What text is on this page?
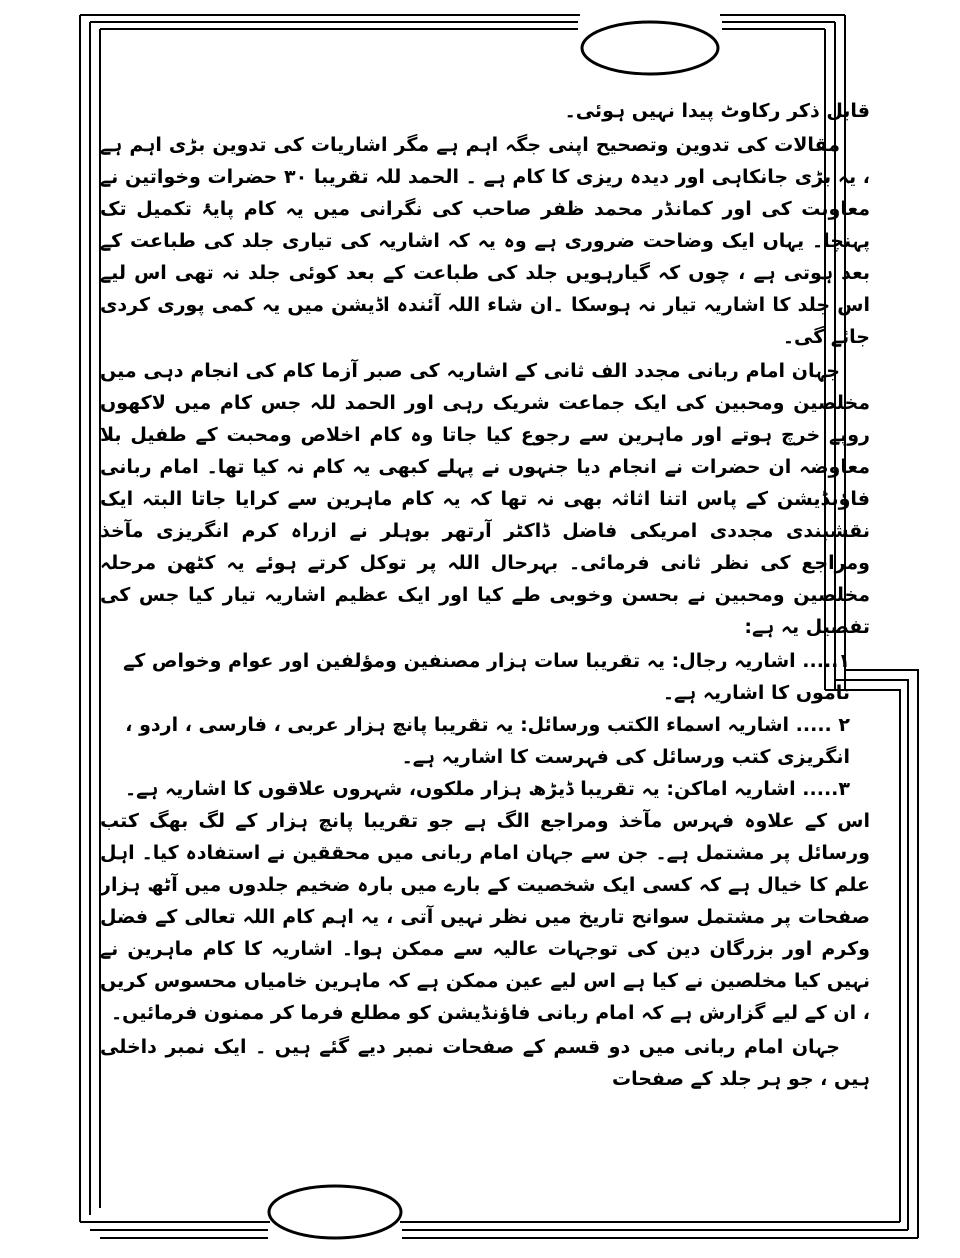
قابل ذکر رکاوٹ پیدا نہیں ہوئی۔

مقالات کی تدوین وتصحیح اپنی جگہ اہم ہے مگر اشاریات کی تدوین بڑی اہم ہے ، یہ بڑی جانکاہی اور دیدہ ریزی کا کام ہے ۔ الحمد للہ تقریبا ۳۰ حضرات وخواتین نے معاونت کی اور کمانڈر محمد ظفر صاحب کی نگرانی میں یہ کام پایۂ تکمیل تک پہنچا۔ یہاں ایک وضاحت ضروری ہے وہ یہ کہ اشاریہ کی تیاری جلد کی طباعت کے بعد ہوتی ہے ، چوں کہ گیارہویں جلد کی طباعت کے بعد کوئی جلد نہ تھی اس لیے اس جلد کا اشاریہ تیار نہ ہوسکا ۔ان شاء اللہ آئندہ اڈیشن میں یہ کمی پوری کردی جائے گی۔

جہان امام ربانی مجدد الف ثانی کے اشاریہ کی صبر آزما کام کی انجام دہی میں مخلصین ومحبین کی ایک جماعت شریک رہی اور الحمد للہ جس کام میں لاکھوں روپے خرچ ہوتے اور ماہرین سے رجوع کیا جاتا وہ کام اخلاص ومحبت کے طفیل بلا معاوضہ ان حضرات نے انجام دیا جنہوں نے پہلے کبھی یہ کام نہ کیا تھا۔ امام ربانی فاؤنڈیشن کے پاس اتنا اثاثہ بھی نہ تھا کہ یہ کام ماہرین سے کرایا جاتا البتہ ایک نقشبندی مجددی امریکی فاضل ڈاکٹر آرتھر بوہلر نے ازراہ کرم انگریزی مآخذ ومراجع کی نظر ثانی فرمائی۔ بہرحال اللہ پر توکل کرتے ہوئے یہ کٹھن مرحلہ مخلصین ومحبین نے بحسن وخوبی طے کیا اور ایک عظیم اشاریہ تیار کیا جس کی تفصیل یہ ہے:

۱..... اشاریہ رجال: یہ تقریبا سات ہزار مصنفین ومؤلفین اور عوام وخواص کے ناموں کا اشاریہ ہے۔

۲ ..... اشاریہ اسماء الکتب ورسائل: یہ تقریبا پانچ ہزار عربی ، فارسی ، اردو ، انگریزی کتب ورسائل کی فہرست کا اشاریہ ہے۔

۳..... اشاریہ اماکن: یہ تقریبا ڈیڑھ ہزار ملکوں، شہروں علاقوں کا اشاریہ ہے۔

اس کے علاوہ فہرس مآخذ ومراجع الگ ہے جو تقریبا پانچ ہزار کے لگ بھگ کتب ورسائل پر مشتمل ہے۔ جن سے جہان امام ربانی میں محققین نے استفادہ کیا۔ اہل علم کا خیال ہے کہ کسی ایک شخصیت کے بارے میں بارہ ضخیم جلدوں میں آٹھ ہزار صفحات پر مشتمل سوانح تاریخ میں نظر نہیں آتی ، یہ اہم کام اللہ تعالی کے فضل وکرم اور بزرگان دین کی توجہات عالیہ سے ممکن ہوا۔ اشاریہ کا کام ماہرین نے نہیں کیا مخلصین نے کیا ہے اس لیے عین ممکن ہے کہ ماہرین خامیاں محسوس کریں ، ان کے لیے گزارش ہے کہ امام ربانی فاؤنڈیشن کو مطلع فرما کر ممنون فرمائیں۔

جہان امام ربانی میں دو قسم کے صفحات نمبر دیے گئے ہیں ۔ ایک نمبر داخلی ہیں ، جو ہر جلد کے صفحات
